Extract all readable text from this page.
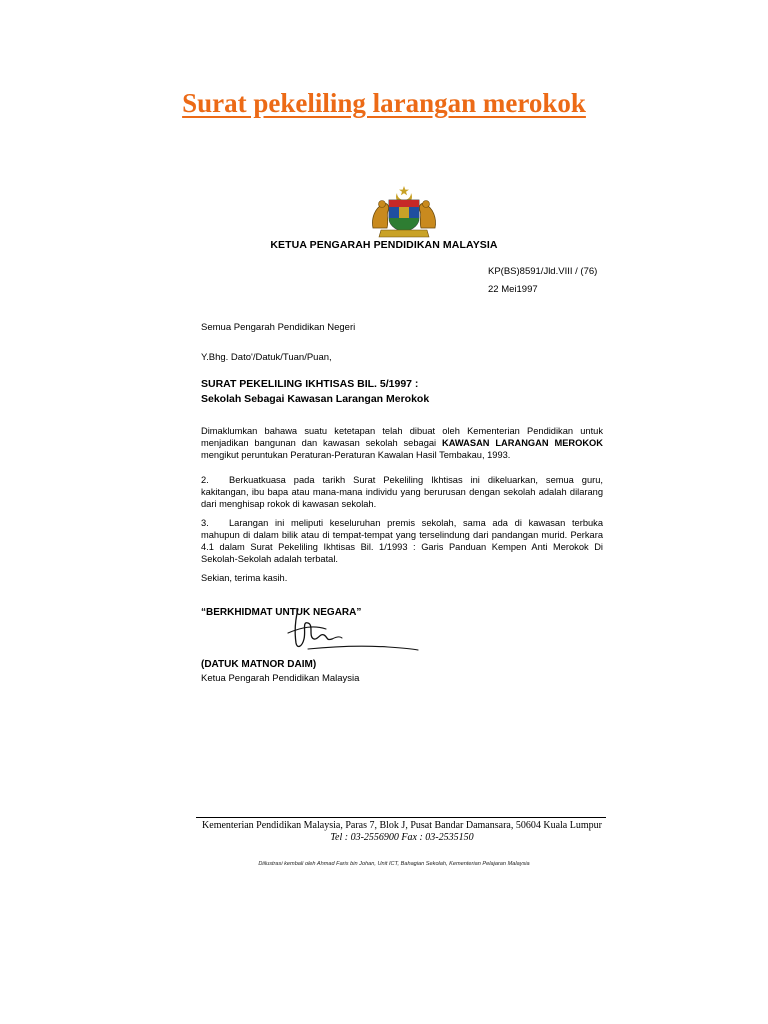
Surat pekeliling larangan merokok
KETUA PENGARAH PENDIDIKAN MALAYSIA
KP(BS)8591/Jld.VIII / (76)
22 Mei1997
Semua Pengarah Pendidikan Negeri
Y.Bhg. Dato'/Datuk/Tuan/Puan,
SURAT PEKELILING IKHTISAS BIL. 5/1997 :
Sekolah Sebagai Kawasan Larangan Merokok
Dimaklumkan bahawa suatu ketetapan telah dibuat oleh Kementerian Pendidikan untuk menjadikan bangunan dan kawasan sekolah sebagai KAWASAN LARANGAN MEROKOK mengikut peruntukan Peraturan-Peraturan Kawalan Hasil Tembakau, 1993.
2. Berkuatkuasa pada tarikh Surat Pekeliling Ikhtisas ini dikeluarkan, semua guru, kakitangan, ibu bapa atau mana-mana individu yang berurusan dengan sekolah adalah dilarang dari menghisap rokok di kawasan sekolah.
3. Larangan ini meliputi keseluruhan premis sekolah, sama ada di kawasan terbuka mahupun di dalam bilik atau di tempat-tempat yang terselindung dari pandangan murid. Perkara 4.1 dalam Surat Pekeliling Ikhtisas Bil. 1/1993 : Garis Panduan Kempen Anti Merokok Di Sekolah-Sekolah adalah terbatal.
Sekian, terima kasih.
“BERKHIDMAT UNTUK NEGARA”
(DATUK MATNOR DAIM)
Ketua Pengarah Pendidikan Malaysia
Kementerian Pendidikan Malaysia, Paras 7, Blok J, Pusat Bandar Damansara, 50604 Kuala Lumpur
Tel : 03-2556900 Fax : 03-2535150
Diilustrasi kembali oleh Ahmad Faris bin Johan, Unit ICT, Bahagian Sekolah, Kementerian Pelajaran Malaysia
